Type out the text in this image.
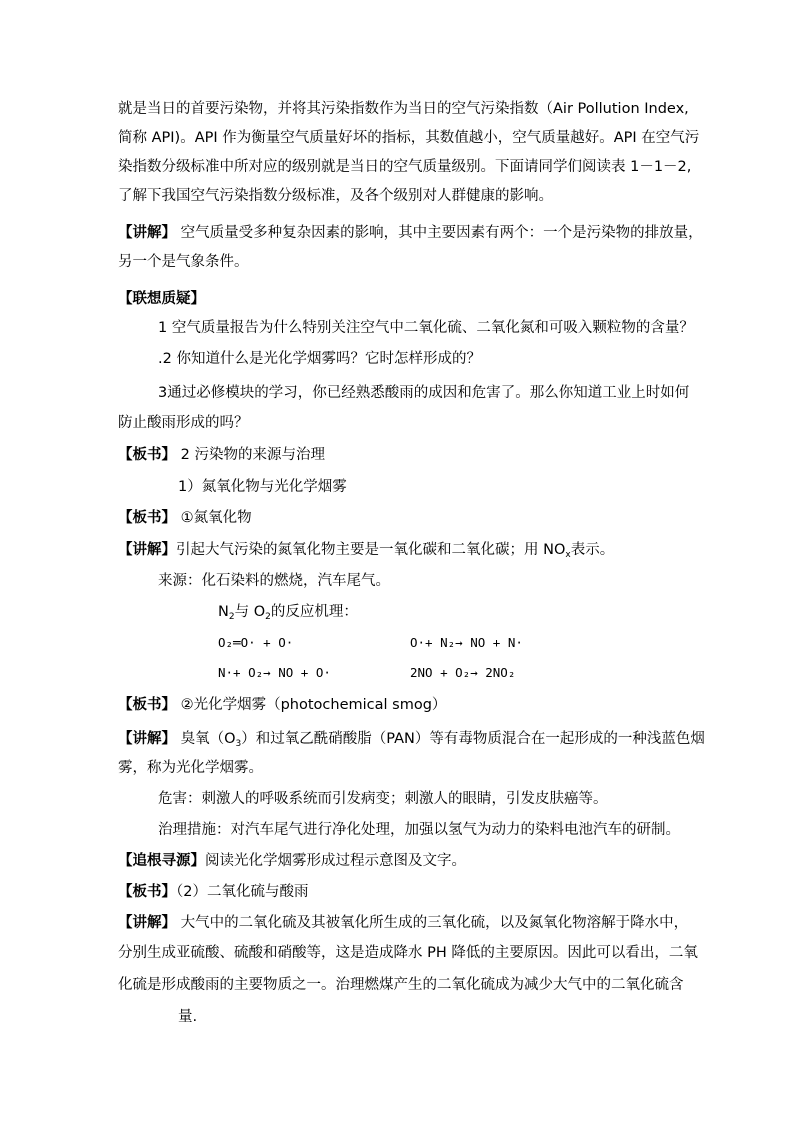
就是当日的首要污染物，并将其污染指数作为当日的空气污染指数（Air Pollution Index,
简称 API)。API 作为衡量空气质量好坏的指标，其数值越小，空气质量越好。API 在空气污
染指数分级标准中所对应的级别就是当日的空气质量级别。下面请同学们阅读表 1－1－2,
了解下我国空气污染指数分级标准，及各个级别对人群健康的影响。
【讲解】 空气质量受多种复杂因素的影响，其中主要因素有两个：一个是污染物的排放量，
另一个是气象条件。
【联想质疑】
1 空气质量报告为什么特别关注空气中二氧化硫、二氧化氮和可吸入颗粒物的含量？
.2 你知道什么是光化学烟雾吗？它时怎样形成的？
3通过必修模块的学习，你已经熟悉酸雨的成因和危害了。那么你知道工业上时如何
防止酸雨形成的吗？
【板书】 2 污染物的来源与治理
1）氮氧化物与光化学烟雾
【板书】 ①氮氧化物
【讲解】引起大气污染的氮氧化物主要是一氧化碳和二氧化碳；用 $NO_x$表示。
来源：化石染料的燃烧，汽车尾气。
$N_2$与 $O_2$的反应机理：
O₂═O· + O·	O·+ N₂→ NO + N·
N·+ O₂→ NO + O·	2NO + O₂→ 2NO₂
【板书】 ②光化学烟雾（photochemical smog）
【讲解】 臭氧$(O_3)$和过氧乙酰硝酸脂（PAN）等有毒物质混合在一起形成的一种浅蓝色烟
雾，称为光化学烟雾。
危害：刺激人的呼吸系统而引发病变；刺激人的眼睛，引发皮肤癌等。
治理措施：对汽车尾气进行净化处理，加强以氢气为动力的染料电池汽车的研制。
【追根寻源】阅读光化学烟雾形成过程示意图及文字。
【板书】（2）二氧化硫与酸雨
【讲解】 大气中的二氧化硫及其被氧化所生成的三氧化硫，以及氮氧化物溶解于降水中，
分别生成亚硫酸、硫酸和硝酸等，这是造成降水 PH 降低的主要原因。因此可以看出，二氧
化硫是形成酸雨的主要物质之一。治理燃煤产生的二氧化硫成为减少大气中的二氧化硫含
量.
